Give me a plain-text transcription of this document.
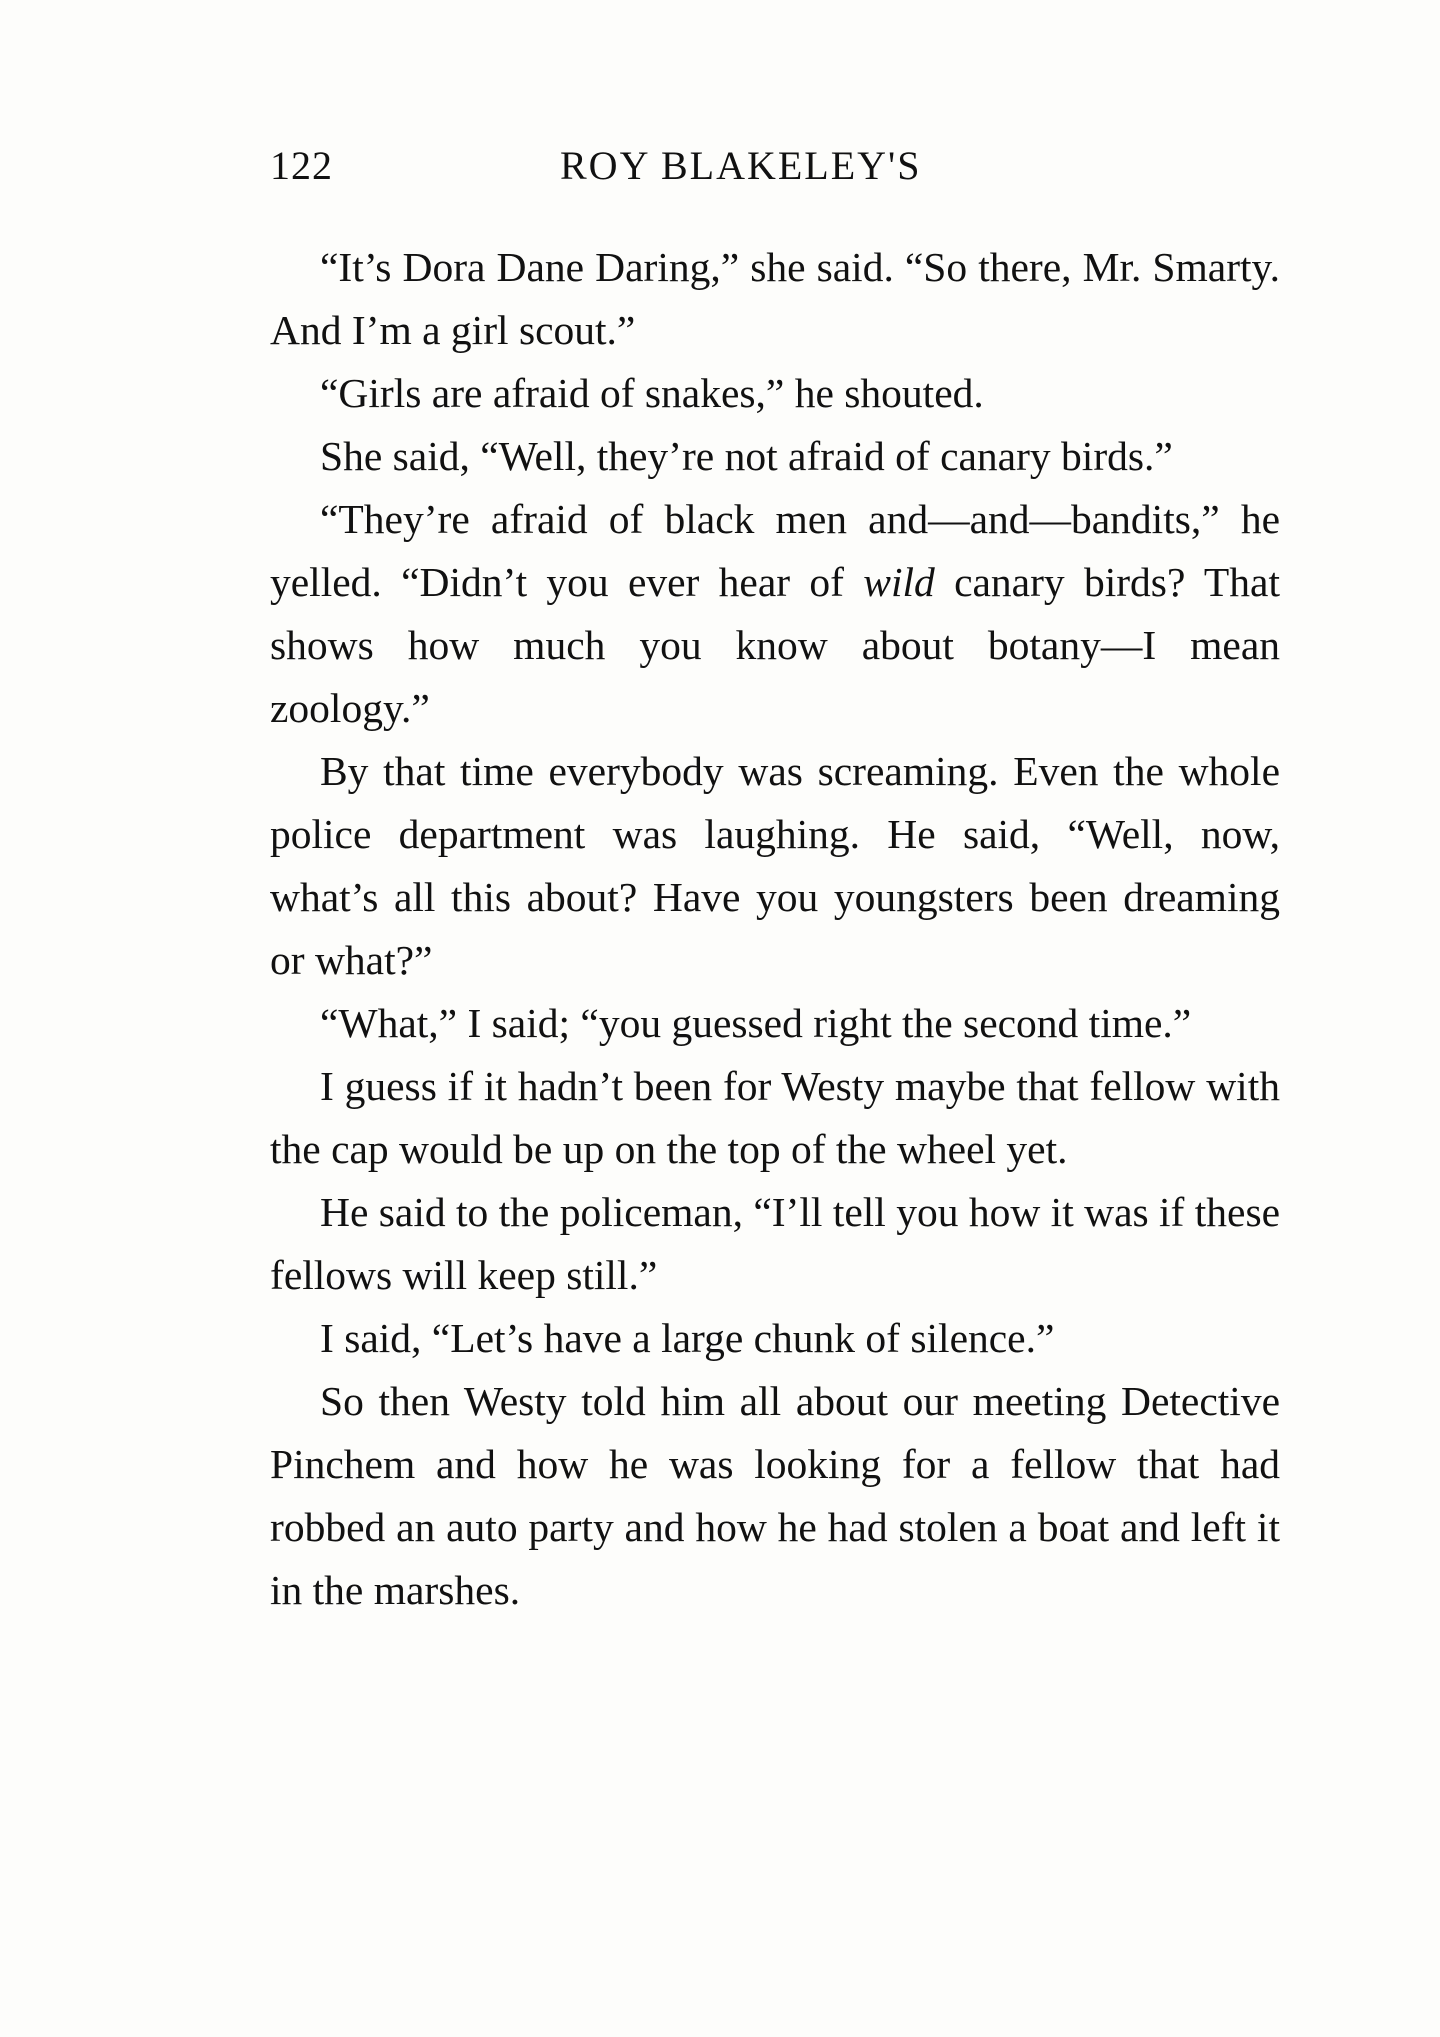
122	ROY BLAKELEY'S

“It’s Dora Dane Daring,” she said. “So there, Mr. Smarty. And I’m a girl scout.”

“Girls are afraid of snakes,” he shouted.

She said, “Well, they’re not afraid of canary birds.”

“They’re afraid of black men and—and—bandits,” he yelled. “Didn’t you ever hear of wild canary birds? That shows how much you know about botany—I mean zoology.”

By that time everybody was screaming. Even the whole police department was laughing. He said, “Well, now, what’s all this about? Have you youngsters been dreaming or what?”

“What,” I said; “you guessed right the second time.”

I guess if it hadn’t been for Westy maybe that fellow with the cap would be up on the top of the wheel yet.

He said to the policeman, “I’ll tell you how it was if these fellows will keep still.”

I said, “Let’s have a large chunk of silence.”

So then Westy told him all about our meeting Detective Pinchem and how he was looking for a fellow that had robbed an auto party and how he had stolen a boat and left it in the marshes.
